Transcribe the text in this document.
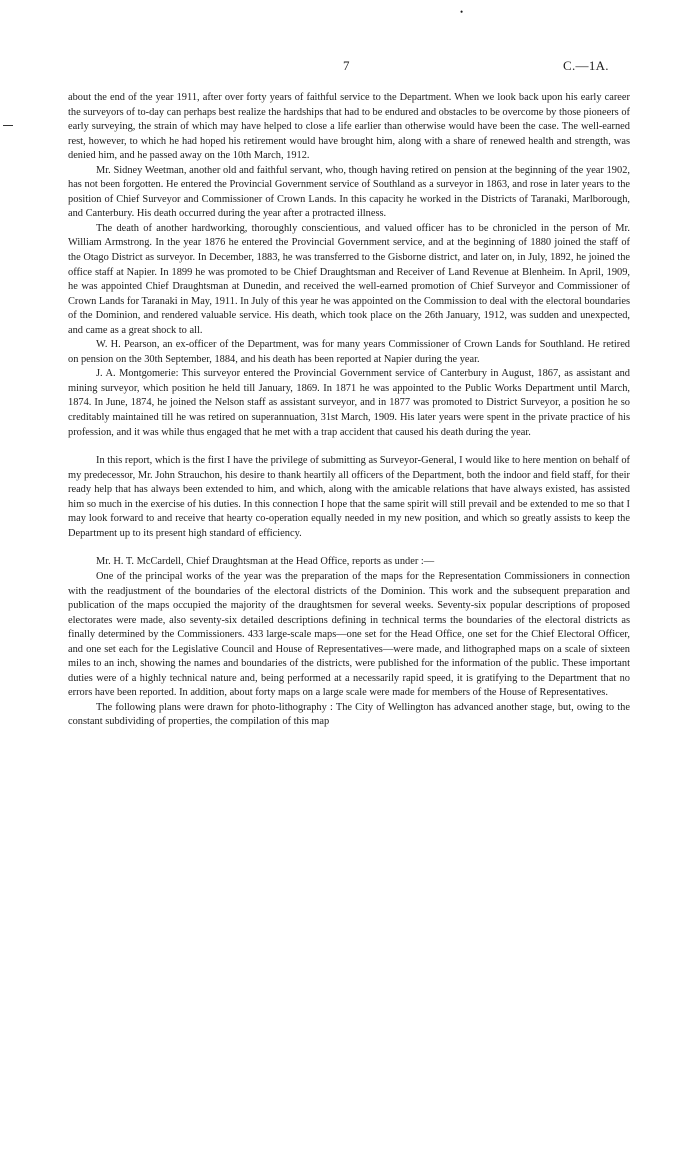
•
7	C.—1A.

about the end of the year 1911, after over forty years of faithful service to the Department. When we look back upon his early career the surveyors of to-day can perhaps best realize the hardships that had to be endured and obstacles to be overcome by those pioneers of early surveying, the strain of which may have helped to close a life earlier than otherwise would have been the case. The well-earned rest, however, to which he had hoped his retirement would have brought him, along with a share of renewed health and strength, was denied him, and he passed away on the 10th March, 1912.

Mr. Sidney Weetman, another old and faithful servant, who, though having retired on pension at the beginning of the year 1902, has not been forgotten. He entered the Provincial Government service of Southland as a surveyor in 1863, and rose in later years to the position of Chief Surveyor and Commissioner of Crown Lands. In this capacity he worked in the Districts of Taranaki, Marlborough, and Canterbury. His death occurred during the year after a protracted illness.

The death of another hardworking, thoroughly conscientious, and valued officer has to be chronicled in the person of Mr. William Armstrong. In the year 1876 he entered the Provincial Government service, and at the beginning of 1880 joined the staff of the Otago District as surveyor. In December, 1883, he was transferred to the Gisborne district, and later on, in July, 1892, he joined the office staff at Napier. In 1899 he was promoted to be Chief Draughtsman and Receiver of Land Revenue at Blenheim. In April, 1909, he was appointed Chief Draughtsman at Dunedin, and received the well-earned promotion of Chief Surveyor and Commissioner of Crown Lands for Taranaki in May, 1911. In July of this year he was appointed on the Commission to deal with the electoral boundaries of the Dominion, and rendered valuable service. His death, which took place on the 26th January, 1912, was sudden and unexpected, and came as a great shock to all.

W. H. Pearson, an ex-officer of the Department, was for many years Commissioner of Crown Lands for Southland. He retired on pension on the 30th September, 1884, and his death has been reported at Napier during the year.

J. A. Montgomerie: This surveyor entered the Provincial Government service of Canterbury in August, 1867, as assistant and mining surveyor, which position he held till January, 1869. In 1871 he was appointed to the Public Works Department until March, 1874. In June, 1874, he joined the Nelson staff as assistant surveyor, and in 1877 was promoted to District Surveyor, a position he so creditably maintained till he was retired on superannuation, 31st March, 1909. His later years were spent in the private practice of his profession, and it was while thus engaged that he met with a trap accident that caused his death during the year.

In this report, which is the first I have the privilege of submitting as Surveyor-General, I would like to here mention on behalf of my predecessor, Mr. John Strauchon, his desire to thank heartily all officers of the Department, both the indoor and field staff, for their ready help that has always been extended to him, and which, along with the amicable relations that have always existed, has assisted him so much in the exercise of his duties. In this connection I hope that the same spirit will still prevail and be extended to me so that I may look forward to and receive that hearty co-operation equally needed in my new position, and which so greatly assists to keep the Department up to its present high standard of efficiency.

Mr. H. T. McCardell, Chief Draughtsman at the Head Office, reports as under :—

One of the principal works of the year was the preparation of the maps for the Representation Commissioners in connection with the readjustment of the boundaries of the electoral districts of the Dominion. This work and the subsequent preparation and publication of the maps occupied the majority of the draughtsmen for several weeks. Seventy-six popular descriptions of proposed electorates were made, also seventy-six detailed descriptions defining in technical terms the boundaries of the electoral districts as finally determined by the Commissioners. 433 large-scale maps—one set for the Head Office, one set for the Chief Electoral Officer, and one set each for the Legislative Council and House of Representatives—were made, and lithographed maps on a scale of sixteen miles to an inch, showing the names and boundaries of the districts, were published for the information of the public. These important duties were of a highly technical nature and, being performed at a necessarily rapid speed, it is gratifying to the Department that no errors have been reported. In addition, about forty maps on a large scale were made for members of the House of Representatives.

The following plans were drawn for photo-lithography : The City of Wellington has advanced another stage, but, owing to the constant subdividing of properties, the compilation of this map
